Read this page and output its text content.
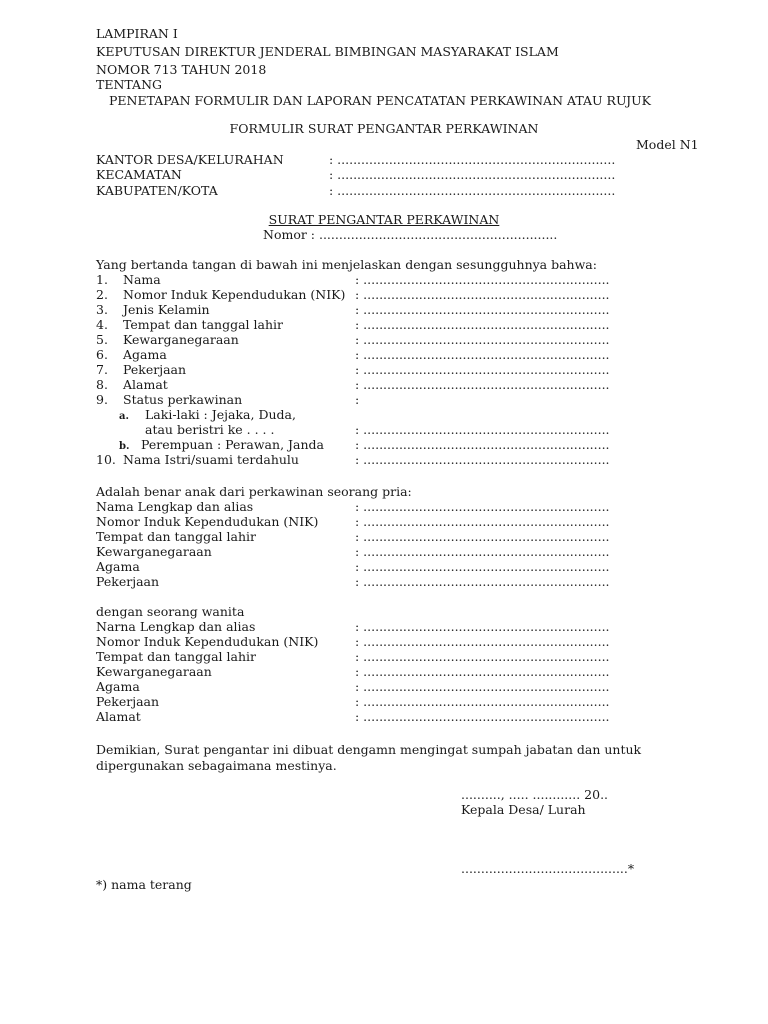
LAMPIRAN I
KEPUTUSAN DIREKTUR JENDERAL BIMBINGAN MASYARAKAT ISLAM
NOMOR 713 TAHUN 2018
TENTANG
PENETAPAN FORMULIR DAN LAPORAN PENCATATAN PERKAWINAN ATAU RUJUK
FORMULIR SURAT PENGANTAR PERKAWINAN
Model N1
KANTOR DESA/KELURAHAN	: ......................................................................
KECAMATAN	: ......................................................................
KABUPATEN/KOTA	: ......................................................................
SURAT PENGANTAR PERKAWINAN
Nomor : ............................................................
Yang bertanda tangan di bawah ini menjelaskan dengan sesungguhnya bahwa:
1. Nama	: ..............................................................
2. Nomor Induk Kependudukan (NIK) : ..............................................................
3. Jenis Kelamin	: ..............................................................
4. Tempat dan tanggal lahir	: ..............................................................
5. Kewarganegaraan	: ..............................................................
6. Agama	: ..............................................................
7. Pekerjaan	: ..............................................................
8. Alamat	: ..............................................................
9. Status perkawinan	:
a. Laki-laki : Jejaka, Duda,
atau beristri ke . . . .	: ..............................................................
b. Perempuan : Perawan, Janda : ..............................................................
10. Nama Istri/suami terdahulu	: ..............................................................
Adalah benar anak dari perkawinan seorang pria:
Nama Lengkap dan alias	: ..............................................................
Nomor Induk Kependudukan (NIK)	: ..............................................................
Tempat dan tanggal lahir	: ..............................................................
Kewarganegaraan	: ..............................................................
Agama	: ..............................................................
Pekerjaan	: ..............................................................
dengan seorang wanita
Narna Lengkap dan alias	: ..............................................................
Nomor Induk Kependudukan (NIK)	: ..............................................................
Tempat dan tanggal lahir	: ..............................................................
Kewarganegaraan	: ..............................................................
Agama	: ..............................................................
Pekerjaan	: ..............................................................
Alamat	: ..............................................................
Demikian, Surat pengantar ini dibuat dengamn mengingat sumpah jabatan dan untuk
dipergunakan sebagaimana mestinya.
.........., ..... ............ 20..
Kepala Desa/ Lurah
..........................................*
*) nama terang
